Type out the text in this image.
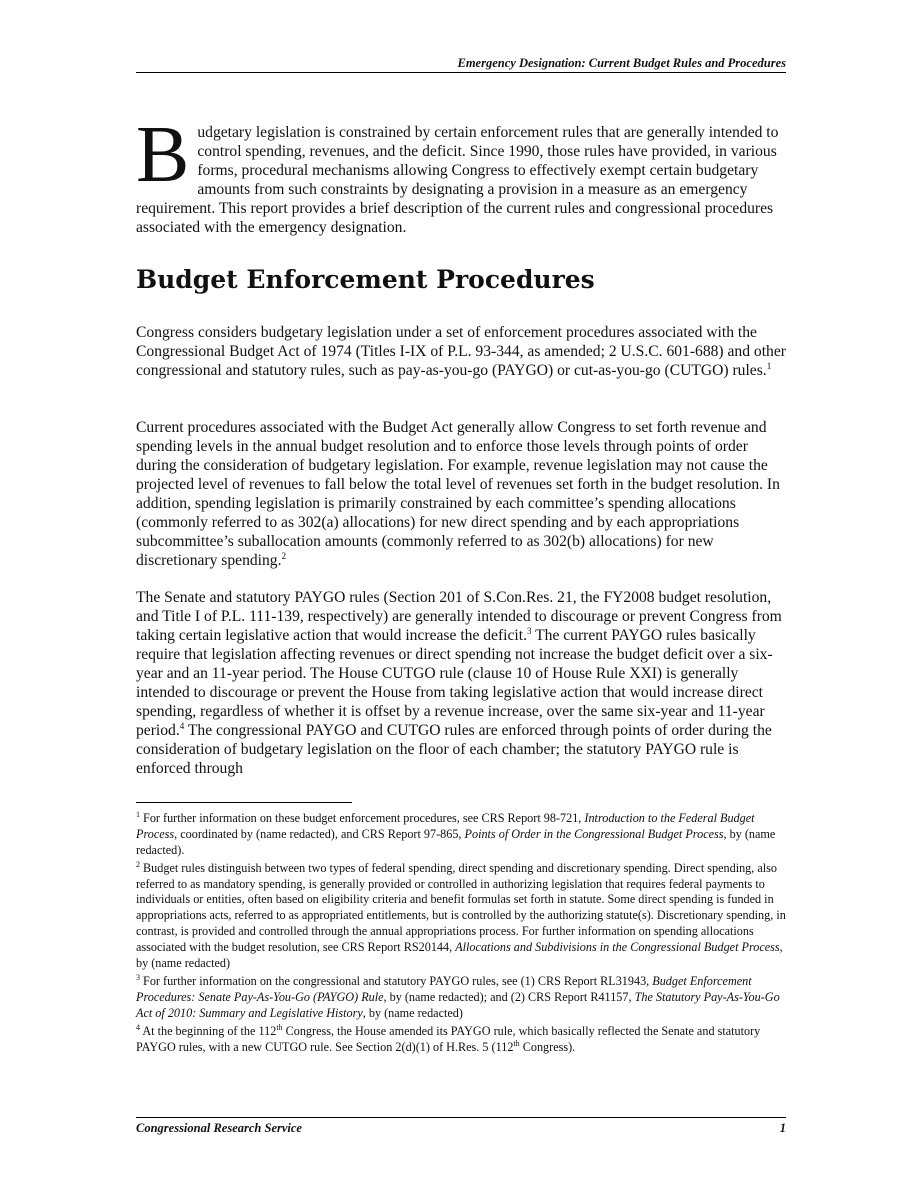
Emergency Designation: Current Budget Rules and Procedures
Budgetary legislation is constrained by certain enforcement rules that are generally intended to control spending, revenues, and the deficit. Since 1990, those rules have provided, in various forms, procedural mechanisms allowing Congress to effectively exempt certain budgetary amounts from such constraints by designating a provision in a measure as an emergency requirement. This report provides a brief description of the current rules and congressional procedures associated with the emergency designation.
Budget Enforcement Procedures

Congress considers budgetary legislation under a set of enforcement procedures associated with the Congressional Budget Act of 1974 (Titles I-IX of P.L. 93-344, as amended; 2 U.S.C. 601-688) and other congressional and statutory rules, such as pay-as-you-go (PAYGO) or cut-as-you-go (CUTGO) rules.$^1$

Current procedures associated with the Budget Act generally allow Congress to set forth revenue and spending levels in the annual budget resolution and to enforce those levels through points of order during the consideration of budgetary legislation. For example, revenue legislation may not cause the projected level of revenues to fall below the total level of revenues set forth in the budget resolution. In addition, spending legislation is primarily constrained by each committee’s spending allocations (commonly referred to as 302(a) allocations) for new direct spending and by each appropriations subcommittee’s suballocation amounts (commonly referred to as 302(b) allocations) for new discretionary spending.$^2$

The Senate and statutory PAYGO rules (Section 201 of S.Con.Res. 21, the FY2008 budget resolution, and Title I of P.L. 111-139, respectively) are generally intended to discourage or prevent Congress from taking certain legislative action that would increase the deficit.$^3$ The current PAYGO rules basically require that legislation affecting revenues or direct spending not increase the budget deficit over a six-year and an 11-year period. The House CUTGO rule (clause 10 of House Rule XXI) is generally intended to discourage or prevent the House from taking legislative action that would increase direct spending, regardless of whether it is offset by a revenue increase, over the same six-year and 11-year period.$^4$ The congressional PAYGO and CUTGO rules are enforced through points of order during the consideration of budgetary legislation on the floor of each chamber; the statutory PAYGO rule is enforced through

$^1$ For further information on these budget enforcement procedures, see CRS Report 98-721, Introduction to the Federal Budget Process, coordinated by (name redacted), and CRS Report 97-865, Points of Order in the Congressional Budget Process, by (name redacted).

$^2$ Budget rules distinguish between two types of federal spending, direct spending and discretionary spending. Direct spending, also referred to as mandatory spending, is generally provided or controlled in authorizing legislation that requires federal payments to individuals or entities, often based on eligibility criteria and benefit formulas set forth in statute. Some direct spending is funded in appropriations acts, referred to as appropriated entitlements, but is controlled by the authorizing statute(s). Discretionary spending, in contrast, is provided and controlled through the annual appropriations process. For further information on spending allocations associated with the budget resolution, see CRS Report RS20144, Allocations and Subdivisions in the Congressional Budget Process, by (name redacted)

$^3$ For further information on the congressional and statutory PAYGO rules, see (1) CRS Report RL31943, Budget Enforcement Procedures: Senate Pay-As-You-Go (PAYGO) Rule, by (name redacted); and (2) CRS Report R41157, The Statutory Pay-As-You-Go Act of 2010: Summary and Legislative History, by (name redacted)

$^4$ At the beginning of the 112th Congress, the House amended its PAYGO rule, which basically reflected the Senate and statutory PAYGO rules, with a new CUTGO rule. See Section 2(d)(1) of H.Res. 5 (112th Congress).

Congressional Research Service	1
